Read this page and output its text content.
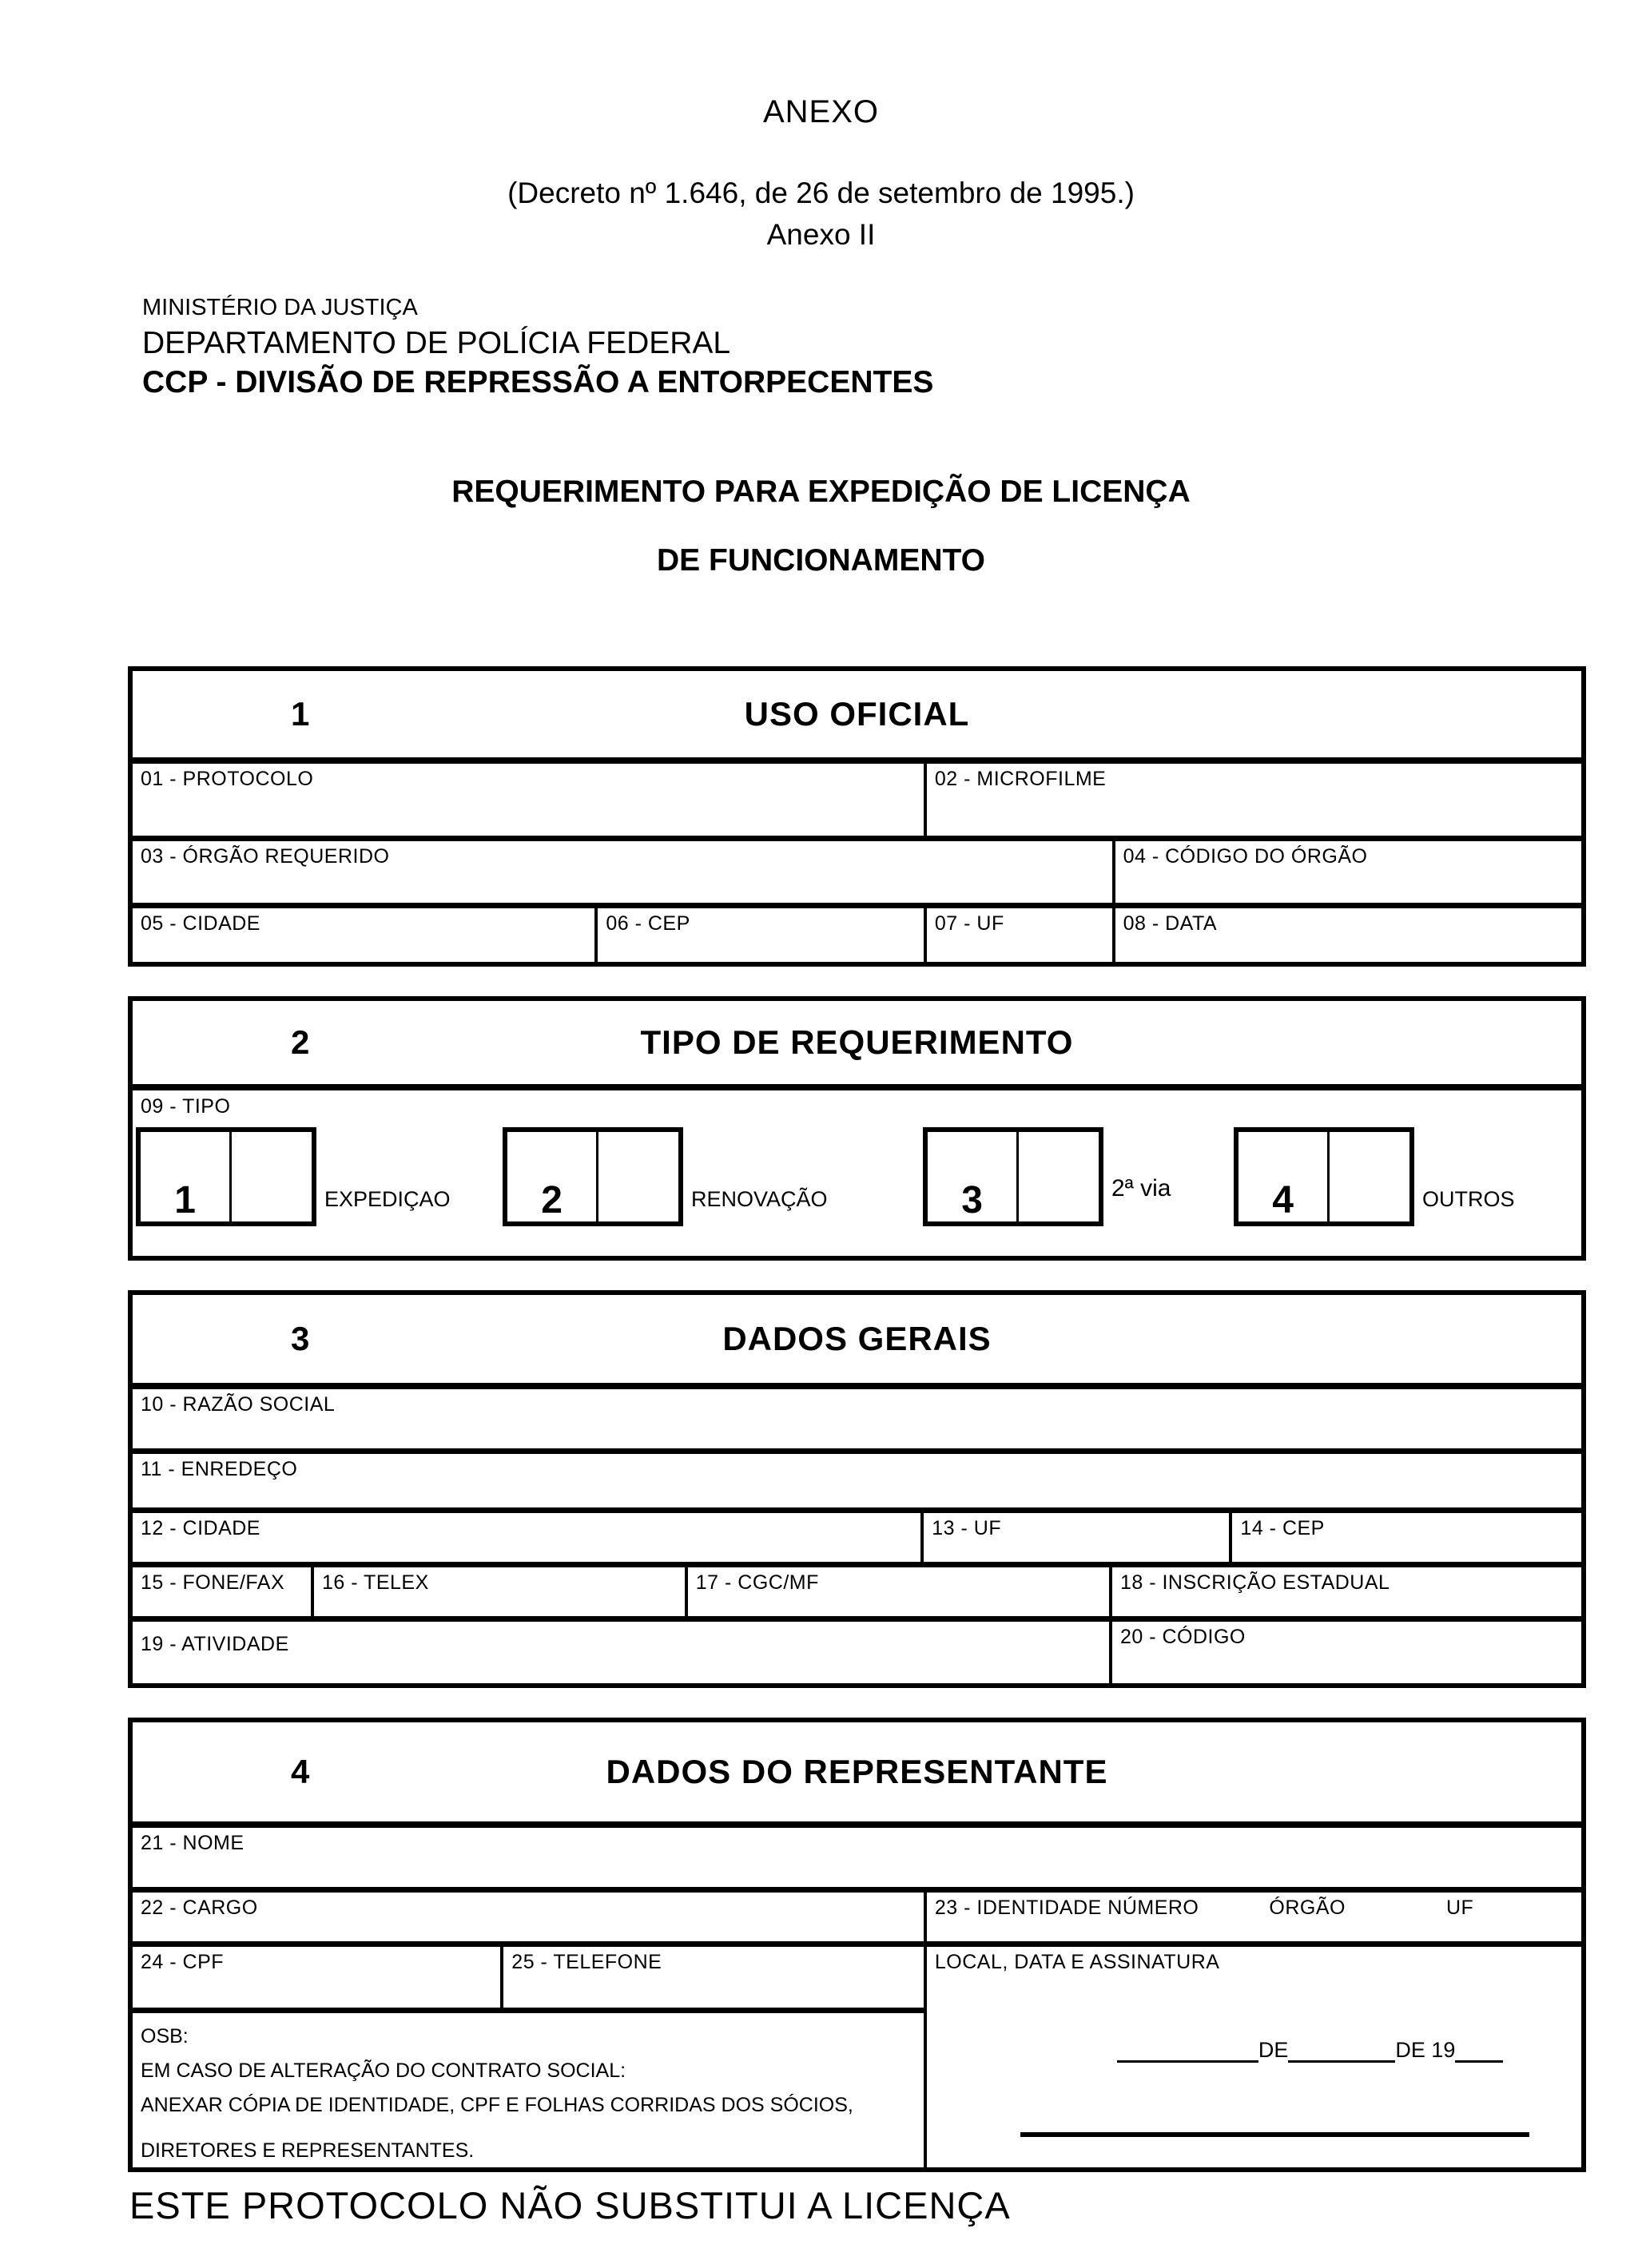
ANEXO
(Decreto nº 1.646, de 26 de setembro de 1995.)
Anexo II
MINISTÉRIO DA JUSTIÇA
DEPARTAMENTO DE POLÍCIA FEDERAL
CCP - DIVISÃO DE REPRESSÃO A ENTORPECENTES
REQUERIMENTO PARA EXPEDIÇÃO DE LICENÇA
DE FUNCIONAMENTO
1	USO OFICIAL
01 - PROTOCOLO	02 - MICROFILME
03 - ÓRGÃO REQUERIDO	04 - CÓDIGO DO ÓRGÃO
05 - CIDADE	06 - CEP	07 - UF	08 - DATA
2	TIPO DE REQUERIMENTO
09 - TIPO
1	EXPEDIÇAO 2	RENOVAÇÃO	3	2ª via	4	OUTROS
3	DADOS GERAIS
10 - RAZÃO SOCIAL
11 - ENREDEÇO
12 - CIDADE	13 - UF	14 - CEP
15 - FONE/FAX	16 - TELEX	17 - CGC/MF	18 - INSCRIÇÃO ESTADUAL
19 - ATIVIDADE	20 - CÓDIGO
4	DADOS DO REPRESENTANTE
21 - NOME
22 - CARGO	23 - IDENTIDADE NÚMERO	ÓRGÃO	UF
24 - CPF	25 - TELEFONE
OSB:
EM CASO DE ALTERAÇÃO DO CONTRATO SOCIAL:
ANEXAR CÓPIA DE IDENTIDADE, CPF E FOLHAS CORRIDAS DOS SÓCIOS,
DIRETORES E REPRESENTANTES.
LOCAL, DATA E ASSINATURA
DE	DE 19
ESTE PROTOCOLO NÃO SUBSTITUI A LICENÇA
